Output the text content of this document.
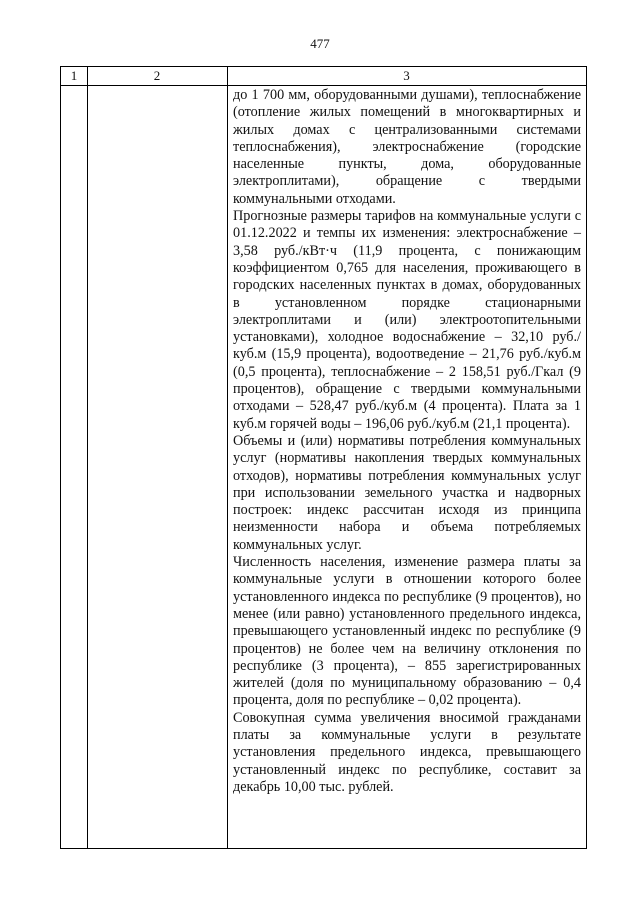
477
1	2	3

до 1 700 мм, оборудованными душами), теплоснабжение (отопление жилых помещений в многоквартирных и жилых домах с централизованными системами теплоснабжения), электроснабжение (городские населенные пункты, дома, оборудованные электроплитами), обращение с твердыми коммунальными отходами.

Прогнозные размеры тарифов на коммунальные услуги с 01.12.2022 и темпы их изменения: электроснабжение – 3,58 руб./кВт·ч (11,9 процента, с понижающим коэффициентом 0,765 для населения, проживающего в городских населенных пунктах в домах, оборудованных в установленном порядке стационарными электроплитами и (или) электроотопительными установками), холодное водоснабжение – 32,10 руб./куб.м (15,9 процента), водоотведение – 21,76 руб./куб.м (0,5 процента), теплоснабжение – 2 158,51 руб./Гкал (9 процентов), обращение с твердыми коммунальными отходами – 528,47 руб./куб.м (4 процента). Плата за 1 куб.м горячей воды – 196,06 руб./куб.м (21,1 процента).

Объемы и (или) нормативы потребления коммунальных услуг (нормативы накопления твердых коммунальных отходов), нормативы потребления коммунальных услуг при использовании земельного участка и надворных построек: индекс рассчитан исходя из принципа неизменности набора и объема потребляемых коммунальных услуг.

Численность населения, изменение размера платы за коммунальные услуги в отношении которого более установленного индекса по республике (9 процентов), но менее (или равно) установленного предельного индекса, превышающего установленный индекс по республике (9 процентов) не более чем на величину отклонения по республике (3 процента), – 855 зарегистрированных жителей (доля по муниципальному образованию – 0,4 процента, доля по республике – 0,02 процента).

Совокупная сумма увеличения вносимой гражданами платы за коммунальные услуги в результате установления предельного индекса, превышающего установленный индекс по республике, составит за декабрь 10,00 тыс. рублей.
